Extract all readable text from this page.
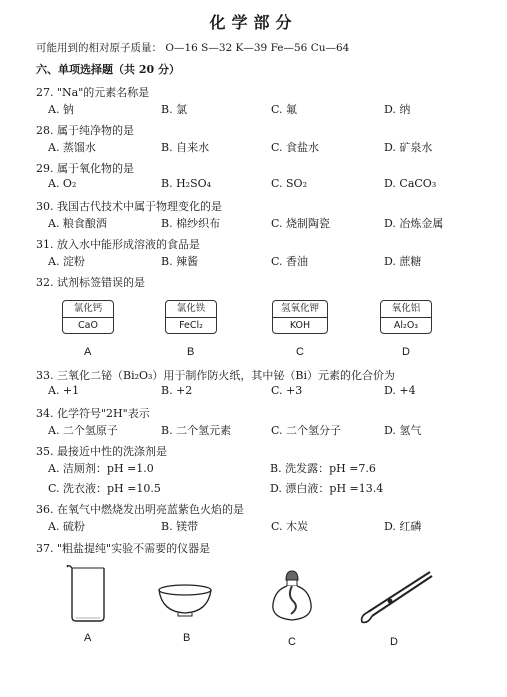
化学部分
可能用到的相对原子质量： O—16 S—32 K—39 Fe—56 Cu—64
六、单项选择题（共 20 分）
27. "Na"的元素名称是
A. 钠	B. 氯	C. 氟	D. 纳
28. 属于纯净物的是
A. 蒸馏水	B. 自来水	C. 食盐水	D. 矿泉水
29. 属于氧化物的是
A. O₂	B. H₂SO₄	C. SO₂	D. CaCO₃
30. 我国古代技术中属于物理变化的是
A. 粮食酿酒	B. 棉纱织布	C. 烧制陶瓷	D. 冶炼金属
31. 放入水中能形成溶液的食品是
A. 淀粉	B. 辣酱	C. 香油	D. 蔗糖
32. 试剂标签错误的是
氯化钙
CaO
氯化铁
FeCl₂
氢氧化钾
KOH
氧化铝
Al₂O₃
A	B	C	D
33. 三氧化二铋（Bi₂O₃）用于制作防火纸，其中铋（Bi）元素的化合价为
A. +1	B. +2	C. +3	D. +4
34. 化学符号"2H"表示
A. 二个氢原子	B. 二个氢元素	C. 二个氢分子	D. 氢气
35. 最接近中性的洗涤剂是
A. 洁厕剂：pH =1.0	B. 洗发露：pH =7.6
C. 洗衣液：pH =10.5	D. 漂白液：pH =13.4
36. 在氧气中燃烧发出明亮蓝紫色火焰的是
A. 硫粉	B. 镁带	C. 木炭	D. 红磷
37. "粗盐提纯"实验不需要的仪器是
A	B	C	D
